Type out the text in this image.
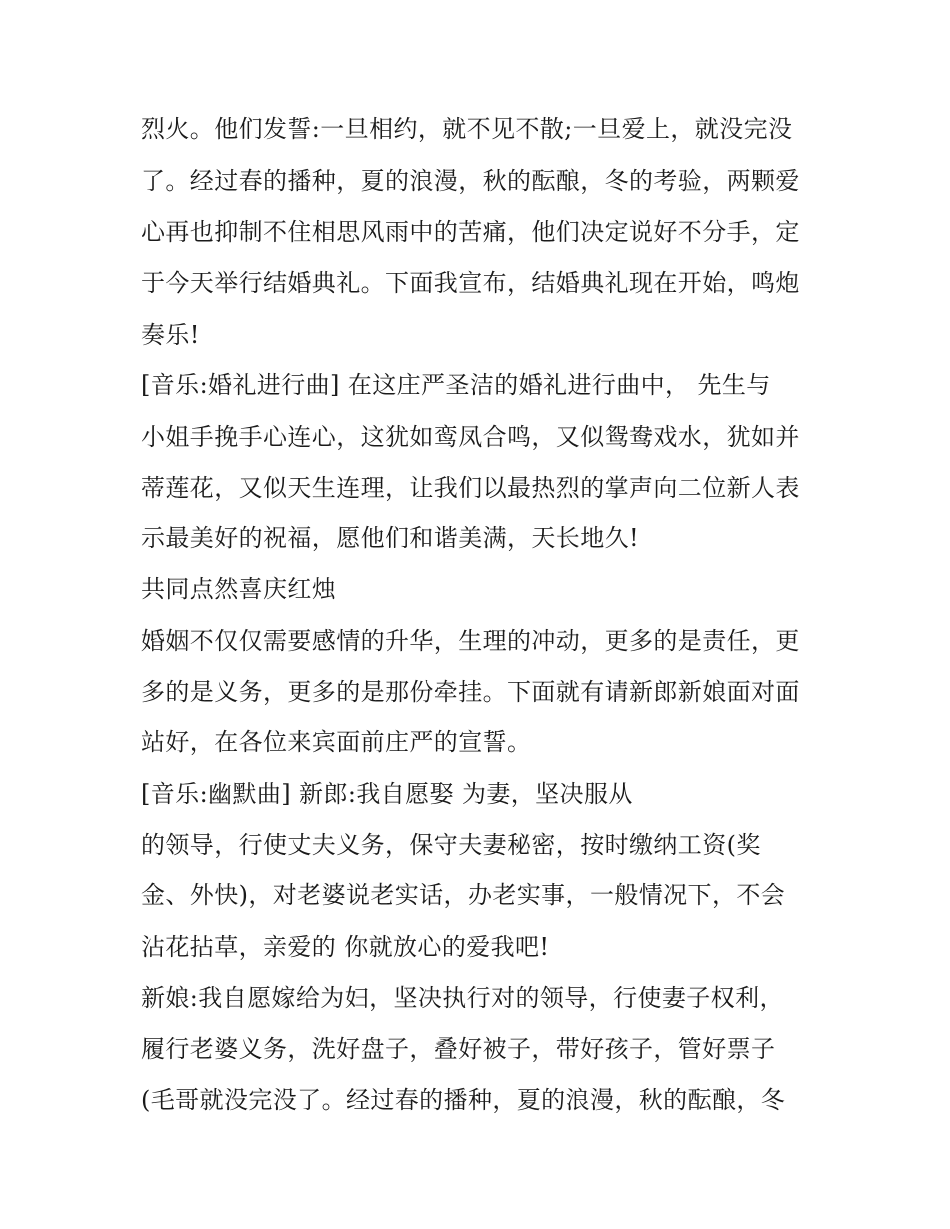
烈火。他们发誓:一旦相约，就不见不散;一旦爱上，就没完没
了。经过春的播种，夏的浪漫，秋的酝酿，冬的考验，两颗爱
心再也抑制不住相思风雨中的苦痛，他们决定说好不分手，定
于今天举行结婚典礼。下面我宣布，结婚典礼现在开始，鸣炮
奏乐!
[音乐:婚礼进行曲] 在这庄严圣洁的婚礼进行曲中， 先生与
小姐手挽手心连心，这犹如鸾凤合鸣，又似鸳鸯戏水，犹如并
蒂莲花，又似天生连理，让我们以最热烈的掌声向二位新人表
示最美好的祝福，愿他们和谐美满，天长地久!
共同点然喜庆红烛
婚姻不仅仅需要感情的升华，生理的冲动，更多的是责任，更
多的是义务，更多的是那份牵挂。下面就有请新郎新娘面对面
站好，在各位来宾面前庄严的宣誓。
[音乐:幽默曲] 新郎:我自愿娶 为妻，坚决服从
的领导，行使丈夫义务，保守夫妻秘密，按时缴纳工资(奖
金、外快)，对老婆说老实话，办老实事，一般情况下，不会
沾花拈草，亲爱的 你就放心的爱我吧!
新娘:我自愿嫁给为妇，坚决执行对的领导，行使妻子权利，
履行老婆义务，洗好盘子，叠好被子，带好孩子，管好票子
(毛哥就没完没了。经过春的播种，夏的浪漫，秋的酝酿，冬
